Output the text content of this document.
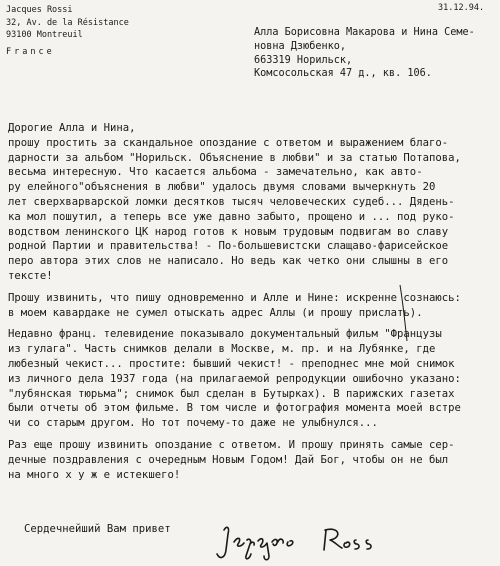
31.12.94.
Jacques Rossi
32, Av. de la Résistance
93100 Montreuil
France
Алла Борисовна Макарова и Нина Семе-
новна Дзюбенко,
663319 Норильск,
Комсосольская 47 д., кв. 106.
Дорогие Алла и Нина,
прошу простить за скандальное опоздание с ответом и выражением благо-
дарности за альбом "Норильск. Объяснение в любви" и за статью Потапова,
весьма интересную. Что касается альбома - замечательно, как авто-
ру елейного"объяснения в любви" удалось двумя словами вычеркнуть 20
лет сверхварварской ломки десятков тысяч человеческих судеб... Дядень-
ка мол пошутил, а теперь все уже давно забыто, прощено и ... под руко-
водством ленинского ЦК народ готов к новым трудовым подвигам во славу
родной Партии и правительства! - По-большевистски слащаво-фарисейское
перо автора этих слов не написало. Но ведь как четко они слышны в его
тексте!
Прошу извинить, что пишу одновременно и Алле и Нине: искренне сознаюсь:
в моем кавардаке не сумел отыскать адрес Аллы (и прошу прислать).
Недавно франц. телевидение показывало документальный фильм "Французы
из гулага". Часть снимков делали в Москве, м. пр. и на Лубянке, где
любезный чекист... простите: бывший чекист! - преподнес мне мой снимок
из личного дела 1937 года (на прилагаемой репродукции ошибочно указано:
"лубянская тюрьма"; снимок был сделан в Бутырках). В парижских газетах
были отчеты об этом фильме. В том числе и фотография момента моей встре
чи со старым другом. Но тот почему-то даже не улыбнулся...
Раз еще прошу извинить опоздание с ответом. И прошу принять самые сер-
дечные поздравления с очередным Новым Годом! Дай Бог, чтобы он не был
на много х у ж е истекшего!
Сердечнейший Вам привет
